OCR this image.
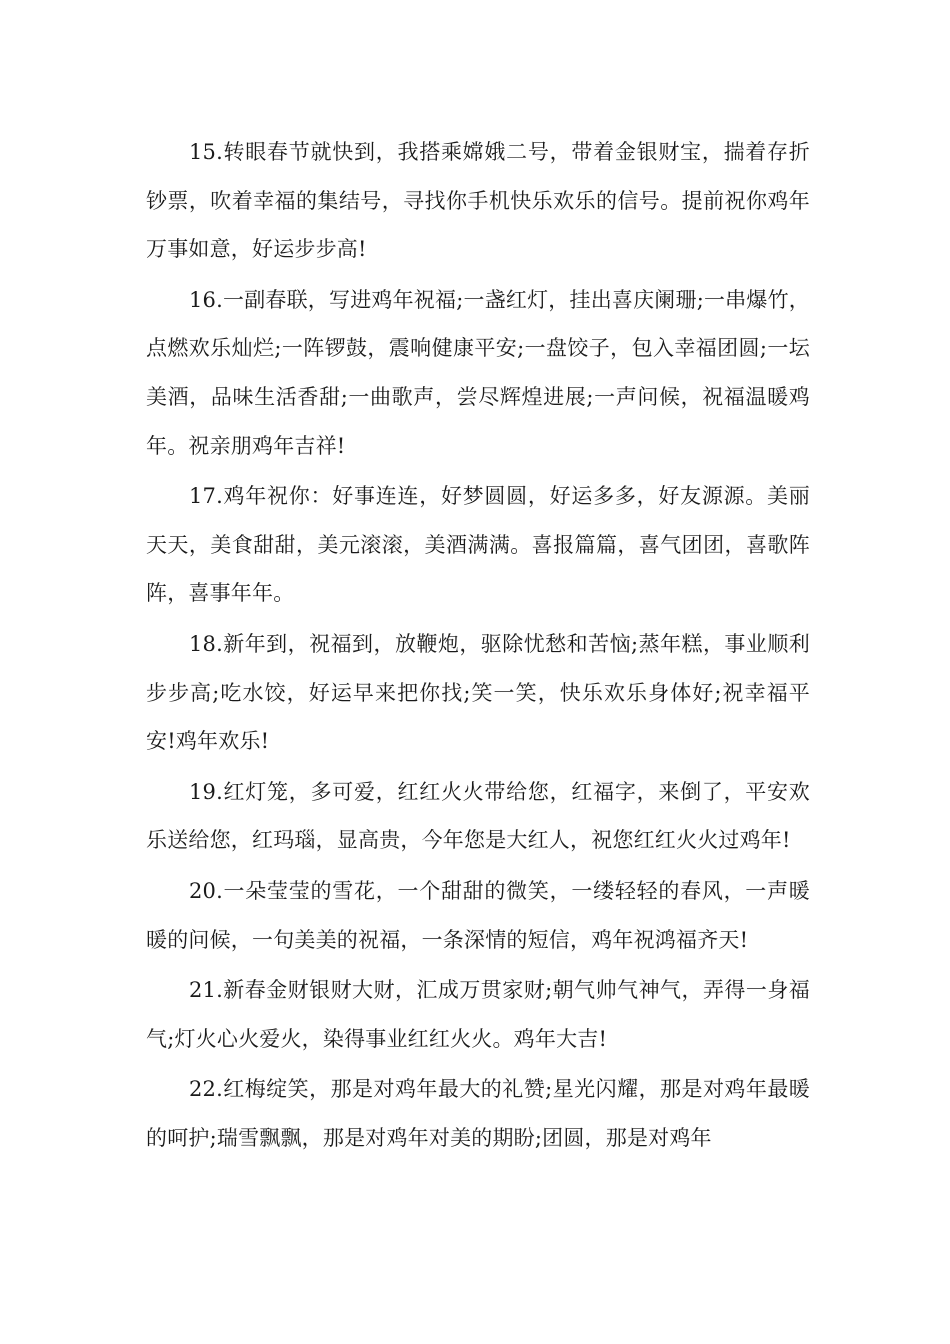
15.转眼春节就快到，我搭乘嫦娥二号，带着金银财宝，揣着存折钞票，吹着幸福的集结号，寻找你手机快乐欢乐的信号。提前祝你鸡年万事如意，好运步步高!

16.一副春联，写进鸡年祝福;一盏红灯，挂出喜庆阑珊;一串爆竹，点燃欢乐灿烂;一阵锣鼓，震响健康平安;一盘饺子，包入幸福团圆;一坛美酒，品味生活香甜;一曲歌声，尝尽辉煌进展;一声问候，祝福温暖鸡年。祝亲朋鸡年吉祥!

17.鸡年祝你：好事连连，好梦圆圆，好运多多，好友源源。美丽天天，美食甜甜，美元滚滚，美酒满满。喜报篇篇，喜气团团，喜歌阵阵，喜事年年。

18.新年到，祝福到，放鞭炮，驱除忧愁和苦恼;蒸年糕，事业顺利步步高;吃水饺，好运早来把你找;笑一笑，快乐欢乐身体好;祝幸福平安!鸡年欢乐!

19.红灯笼，多可爱，红红火火带给您，红福字，来倒了，平安欢乐送给您，红玛瑙，显高贵，今年您是大红人，祝您红红火火过鸡年!

20.一朵莹莹的雪花，一个甜甜的微笑，一缕轻轻的春风，一声暖暖的问候，一句美美的祝福，一条深情的短信，鸡年祝鸿福齐天!

21.新春金财银财大财，汇成万贯家财;朝气帅气神气，弄得一身福气;灯火心火爱火，染得事业红红火火。鸡年大吉!

22.红梅绽笑，那是对鸡年最大的礼赞;星光闪耀，那是对鸡年最暖的呵护;瑞雪飘飘，那是对鸡年对美的期盼;团圆，那是对鸡年
